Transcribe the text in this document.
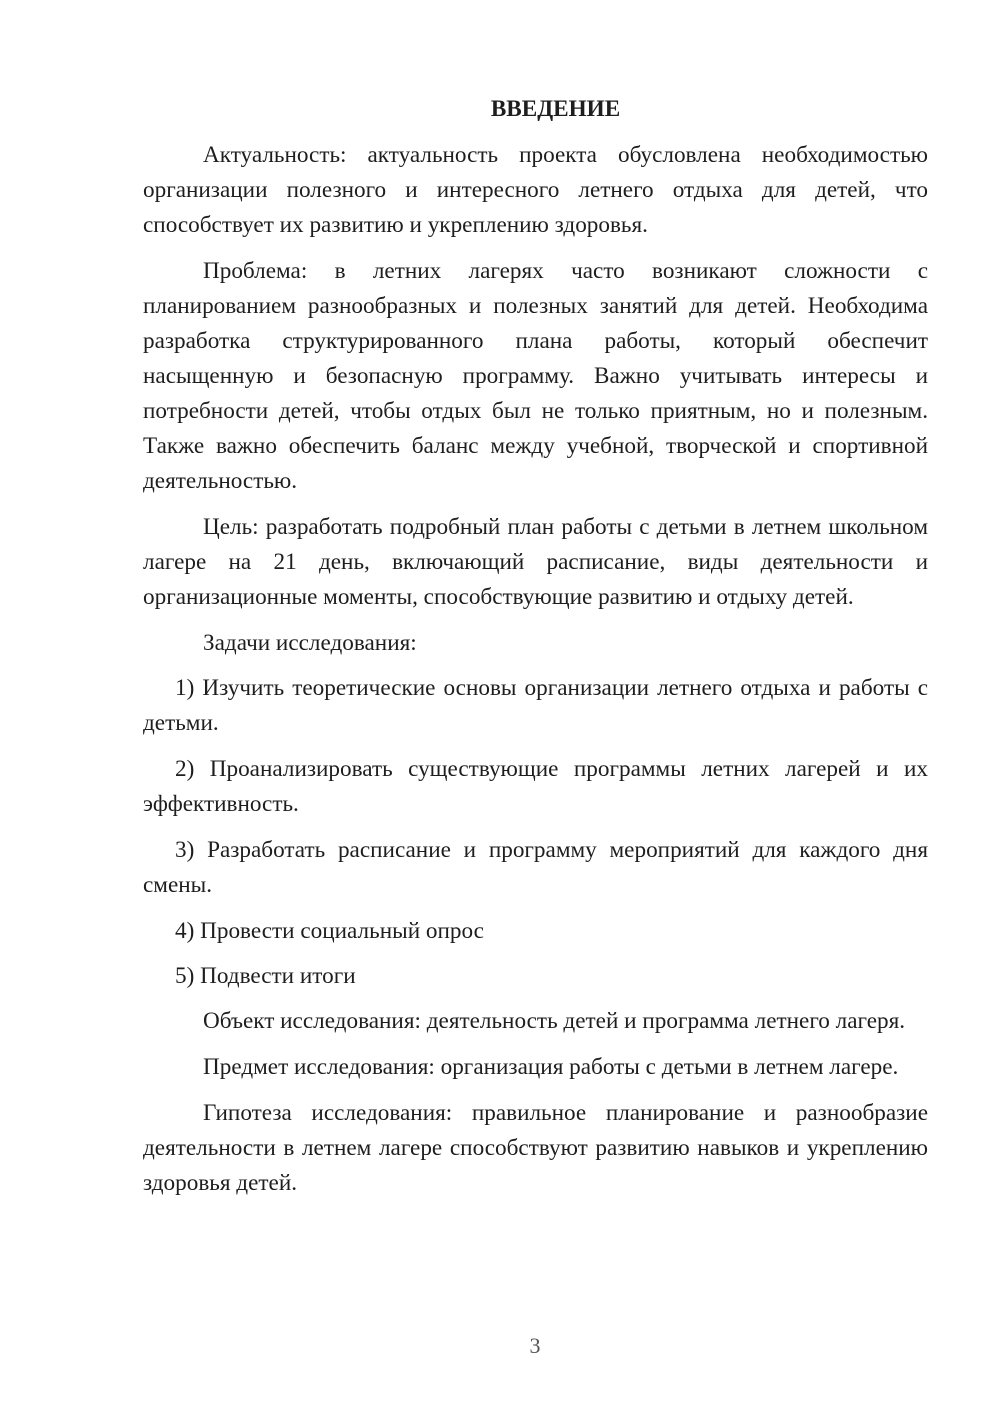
ВВЕДЕНИЕ

Актуальность: актуальность проекта обусловлена необходимостью организации полезного и интересного летнего отдыха для детей, что способствует их развитию и укреплению здоровья.

Проблема: в летних лагерях часто возникают сложности с планированием разнообразных и полезных занятий для детей. Необходима разработка структурированного плана работы, который обеспечит насыщенную и безопасную программу. Важно учитывать интересы и потребности детей, чтобы отдых был не только приятным, но и полезным. Также важно обеспечить баланс между учебной, творческой и спортивной деятельностью.

Цель: разработать подробный план работы с детьми в летнем школьном лагере на 21 день, включающий расписание, виды деятельности и организационные моменты, способствующие развитию и отдыху детей.

Задачи исследования:

1) Изучить теоретические основы организации летнего отдыха и работы с детьми.

2) Проанализировать существующие программы летних лагерей и их эффективность.

3) Разработать расписание и программу мероприятий для каждого дня смены.

4) Провести социальный опрос

5) Подвести итоги

Объект исследования: деятельность детей и программа летнего лагеря.

Предмет исследования: организация работы с детьми в летнем лагере.

Гипотеза исследования: правильное планирование и разнообразие деятельности в летнем лагере способствуют развитию навыков и укреплению здоровья детей.

3
